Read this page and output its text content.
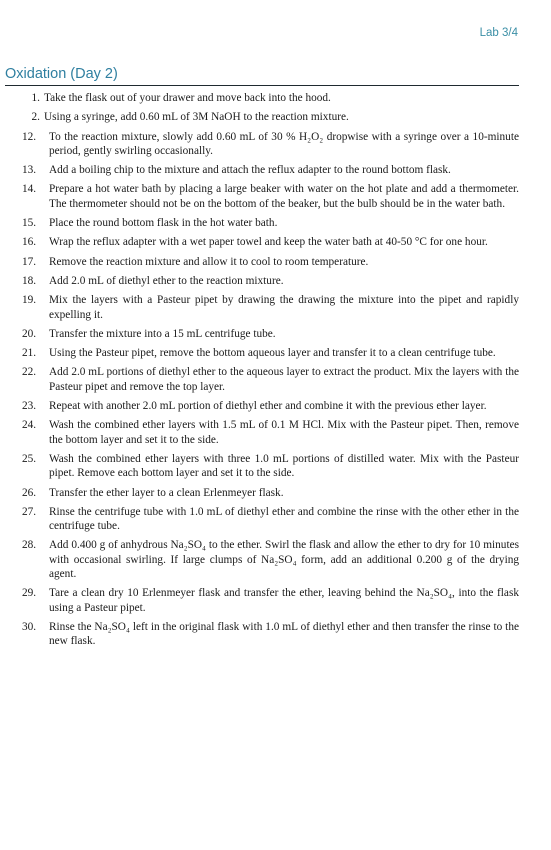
Lab 3/4
Oxidation (Day 2)
1. Take the flask out of your drawer and move back into the hood.
2. Using a syringe, add 0.60 mL of 3M NaOH to the reaction mixture.
12.	To the reaction mixture, slowly add 0.60 mL of 30 % H₂O₂ dropwise with a syringe over a 10-minute period, gently swirling occasionally.
13.	Add a boiling chip to the mixture and attach the reflux adapter to the round bottom flask.
14.	Prepare a hot water bath by placing a large beaker with water on the hot plate and add a thermometer. The thermometer should not be on the bottom of the beaker, but the bulb should be in the water bath.
15.	Place the round bottom flask in the hot water bath.
16.	Wrap the reflux adapter with a wet paper towel and keep the water bath at 40-50 °C for one hour.
17.	Remove the reaction mixture and allow it to cool to room temperature.
18.	Add 2.0 mL of diethyl ether to the reaction mixture.
19.	Mix the layers with a Pasteur pipet by drawing the drawing the mixture into the pipet and rapidly expelling it.
20.	Transfer the mixture into a 15 mL centrifuge tube.
21.	Using the Pasteur pipet, remove the bottom aqueous layer and transfer it to a clean centrifuge tube.
22.	Add 2.0 mL portions of diethyl ether to the aqueous layer to extract the product. Mix the layers with the Pasteur pipet and remove the top layer.
23.	Repeat with another 2.0 mL portion of diethyl ether and combine it with the previous ether layer.
24.	Wash the combined ether layers with 1.5 mL of 0.1 M HCl. Mix with the Pasteur pipet. Then, remove the bottom layer and set it to the side.
25.	Wash the combined ether layers with three 1.0 mL portions of distilled water. Mix with the Pasteur pipet. Remove each bottom layer and set it to the side.
26.	Transfer the ether layer to a clean Erlenmeyer flask.
27.	Rinse the centrifuge tube with 1.0 mL of diethyl ether and combine the rinse with the other ether in the centrifuge tube.
28.	Add 0.400 g of anhydrous Na₂SO₄ to the ether. Swirl the flask and allow the ether to dry for 10 minutes with occasional swirling. If large clumps of Na₂SO₄ form, add an additional 0.200 g of the drying agent.
29.	Tare a clean dry 10 Erlenmeyer flask and transfer the ether, leaving behind the Na₂SO₄, into the flask using a Pasteur pipet.
30.	Rinse the Na₂SO₄ left in the original flask with 1.0 mL of diethyl ether and then transfer the rinse to the new flask.
